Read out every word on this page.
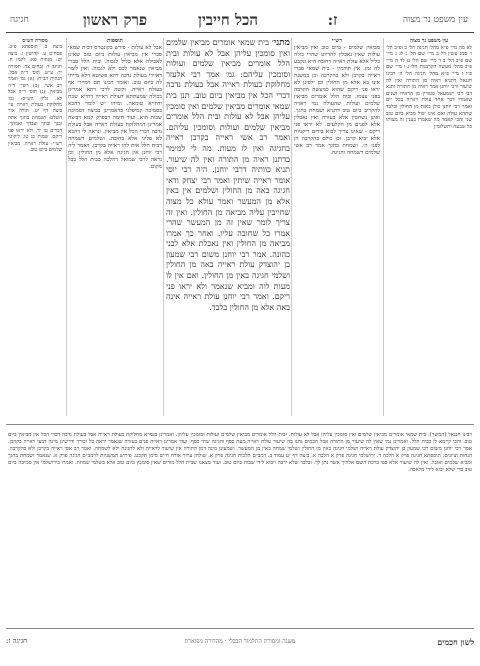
עין משפט נר מצוה
ז:
הכל חייבין
פרק ראשון
חגיגה
עין משפט נר מצוה
לא מה מיי׳ פ״א מהל׳ חגיגה הל׳ ב ופ״ב הל׳ ו׳ סמג עשין רל ב מיי׳ שם הל׳ ג לג ג מיי׳ שם פ״ב הל׳ ב ד מיי׳ שם הל׳ ט לד ה מיי׳ פ״ב מהל׳ מעשה הקרבנות הל׳ ג ו מיי׳ שם פ״ו ז מיי׳ פ״א מהל׳ חגיגה הל׳ ה׳ רבינו חננאל דתניא ראיה מן התורה ואין לה שיעור ורבי יוחנן אמר ראיה מן התורה ותנא דבי רבי ישמעאל פטורין מן הראיה ושנים שאמרו דבר אחד עולת ראייה בכל יום ואמר רבי יוחנן כולן באות מן החולין ובלבד שתהא עולה ואם אינו יכול מביא ביום טוב שני והכי קאמר מה שאמרו בענין זה מצותו כל שבעה ותשלומין
רש״י
מביאין שלמים - ביום טוב ואין מביאין עולות שאין נאכלין להדיוט שהרי כולה כליל אלא עולת ראייה דחובה היא ונקבע לה זמן. אין תורמין - בית שמאי סברי ראייה בקרבן ולא בהקרבה וכן במשנה אינו בא אלא מן החולין וכן ילפינן לא יראו פני ריקם שהוא כמעשה הקרבה בפני עצמו. ובית הלל אומרים מביאין שלמים ועולות שהעולה נמי ראויה להקריב ביום טוב דתניא ושמחת בחגך. ואינן נשחטין אלא בעזרה ואין נאכלין אלא לפנים מן הקלעים. לא יראו פני ריקם - שאינו צריך לבוא בידים ריקניות אלא יביא קרבן. וכן כולם בהקרבה הן לפני ה׳. ושמחת בחגך אמר רב אשי שלמים דשמחה וחגיגה.
מתני׳ בית שמאי אומרים מביאין שלמים ואין סומכין עליהן אבל לא עולות ובית הלל אומרים מביאין שלמים ועולות וסומכין עליהם: גמ׳ אמר רבי אלעזר מחלוקת בעולת ראייה אבל בעולת נדבה דברי הכל אין מביאין ביום טוב. תנן בית שמאי אומרים מביאין שלמים ואין סומכין עליהן אבל לא עולות ובית הלל אומרים מביאין שלמים ועולות וסומכין עליהם. ואמר רב אשי ראייה בקרבן ראייה בחגיגה ואין לו מעות. מה לי למימר כדתנן ראיה מן התורה ואין לה שיעור. תניא כוותיה דרבי יוחנן. היה רבי יוסי אומר ראייה שיתין ואמר רבי יצחק ודאי חגיגה באה מן החולין ושלמים אין באין אלא מן המעשר ואמר עולא כל מצוה שחייבין עליה מביאה מן החולין. ואין זה צריך לומר שאין זה מן המעשר שהרי אמרו כל שחובה עליו. ואחר כך אמרו מביאה מן החולין ואין נאכלת אלא לבני כהונה. אמר רבי יוחנן משום רבי שמעון בן יהוצדק עולת ראייה באה מן החולין ושלמי חגיגה באין מן החולין. ואם אין לו מעות לוה ומביא שנאמר ולא יראו פני ריקם. ואמר רבי יוחנן עולת ראייה אינה באה אלא מן החולין בלבד.
תוספות
אבל לא עולות - פירש בקונטרס דבית שמאי סברי אין מביאין עולות ביום טוב שאינן לאכילה אלא כליל לגבוה. ובית הלל סברי מביאין שנאמר לכם ולא לגבוה. ואין לומר דאיירי בעולת נדבה דהא פשיטא דלא מייתי לה ביום טוב. ואומר רבינו תם דמיירי אף בעולת ראייה. וקשה לרבי דהא אמרינן בכולה שמעתתא דעולת ראייה דחייא שבת ודחייא טומאה. ומיהו יש לומר דהכא בסמיכה קמיפלגי כדאמרינן בביצה דסמיכה שבות הוא. ועוד תימה דבפרק קמא דביצה אמרינן דמחלוקת בעולת ראייה אבל בעולת נדבה דברי הכל אין מביאין. ונראה לי דהכא לא פליגי אלא בחובה. ושלמים דשמחה דבית הלל אית להו ראייה בקרבן. דאמר ליה רבי יוחנן אין חגיגה אלא מן החולין. וכן נראה לרבי שמואל דהלכה כבית הלל בכל מקום.
מסורת הש״ס
ביצה כ. תוספתא פ״ב. פסחים ע. קדושין ו. ביצה יט: מנחות פא: לקמן ח. חגיגה ד: זבחים צח. תמורה יד: ע״ש. תוס׳ ד״ה אבל. הגהות הב״ח: (א) גמ׳ ואמר רב אשי. (ב) רש״י ד״ה מביאין. (ג) תוס׳ ד״ה אבל לא. גליון הש״ס: גמ׳ מחלוקת בעולת ראייה עי׳ ביצה דף יט. תורה אור השלם: ושמחת בחגך אתה ובנך ובתך ועבדך ואמתך. דברים טז יד. ולא יראו פני ריקם. שמות כג טו. ליקוטי רש״י: עולת ראייה. מביאין שלמים ביום טוב.
רבינו חננאל (המשך): בית שמאי אומרים מביאין שלמים ואין סומכין עליהן אבל לא עולות. ובית הלל אומרים מביאין שלמים ועולות וסומכין עליהן. ואמרינן בגמרא מחלוקת בעולת ראייה אבל בעולת נדבה דברי הכל אין מביאין ביום טוב. והכי קיימא לן כבית הלל. ואמרינן נמי שאין לה שיעור מן התורה אבל חכמים נתנו בה שיעור עולת ראייה מעה כסף וחגיגה שתי כסף. ועוד אמרינן ראייה פנים בעזרה שנאמר יראה כל זכורך ודרשינן מינה דבעי ראייה בקרבן. אמר רבי יוחנן משום רבי שמעון בן יהוצדק עולת ראייה ושלמי חגיגה באין מן החולין ושלמי שמחה באין מן המעשר. ושמעינן מינה דמן התורה אין שיעור לראייה ולא לחגיגה ולא לשמחה. ואמר רב אסי ראייה בקרבן ולא בהקרבה. הגהות וציונים: תוספתא חגיגה פרק א הלכה ד. ירושלמי חגיגה פרק א הלכה א. ביצה דף יט עמוד ב. רמב״ם הלכות חגיגה פרק א. שולחן ערוך אורח חיים סימן תקכט. פירוש המשניות לרמב״ם חגיגה פרק א. שנאמר ושמחת בחגך ומביא שלמים ואוכל. ואין לה שיעור אלא כפי ברכת השם אלהיך אשר נתן לך. ובלבד שלא ירבה ויבוא לידי שבות ביום טוב. ועוד מצאנו שבית הלל מודים שאין סומכין ביום טוב אלא בשלמי שמחה. ואמרו בירושלמי אין סמיכה ביום טוב כדי שלא יבוא לידי מלאכה.
לשון חכמים
משנה ומסורת התלמוד הבבלי · מהדורה מפוארת
חגיגה ז:
